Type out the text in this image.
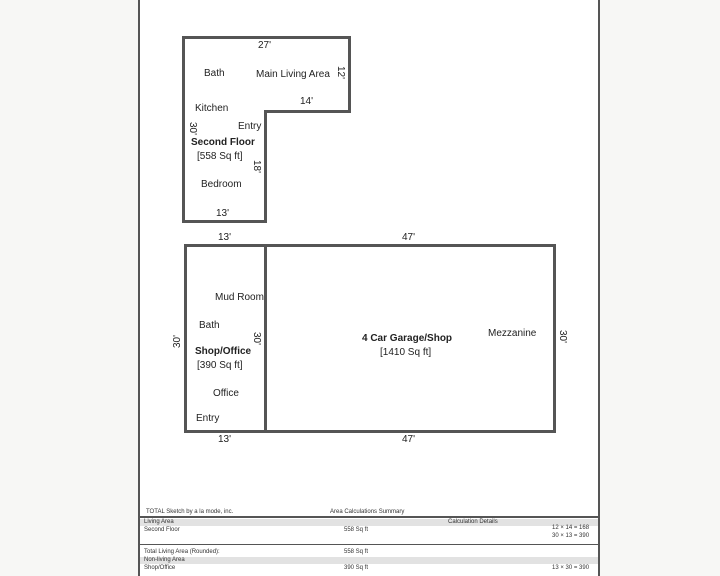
27'
12'
14'
30'
18'
13'
Bath	Main Living Area
Kitchen
Entry
Second Floor
[558 Sq ft]
Bedroom
13'	47'
30'	30'	30'
13'	47'
Mud Room
Bath
Shop/Office
[390 Sq ft]
Office
Entry
4 Car Garage/Shop
[1410 Sq ft]
Mezzanine
TOTAL Sketch by a la mode, inc.	Area Calculations Summary
Living Area	Calculation Details
Second Floor	558 Sq ft	12 × 14 = 168
30 × 13 = 390
Total Living Area (Rounded):	558 Sq ft
Non-living Area
Shop/Office	390 Sq ft	13 × 30 = 390
